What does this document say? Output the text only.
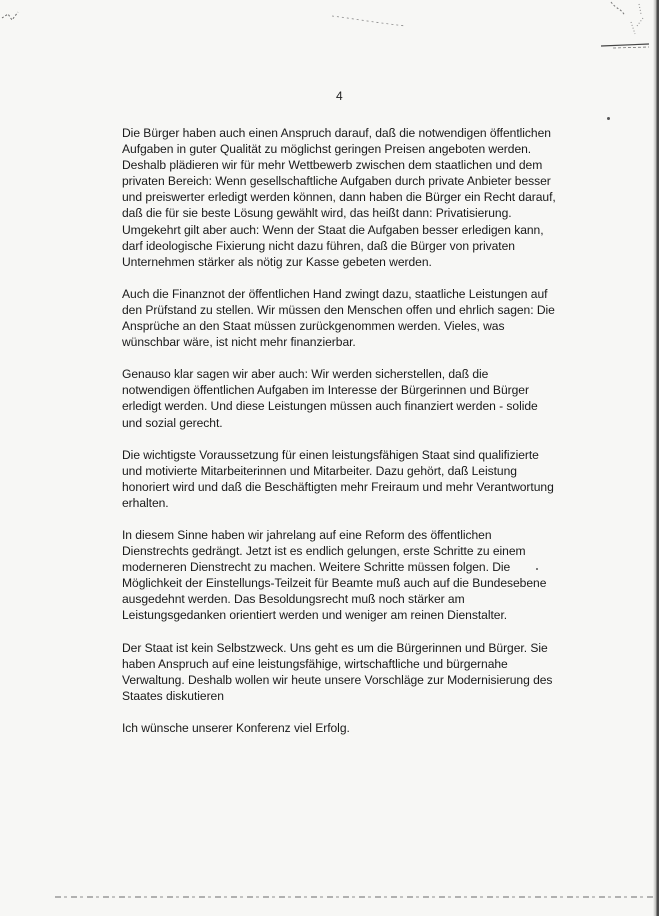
4

Die Bürger haben auch einen Anspruch darauf, daß die notwendigen öffentlichen
Aufgaben in guter Qualität zu möglichst geringen Preisen angeboten werden.
Deshalb plädieren wir für mehr Wettbewerb zwischen dem staatlichen und dem
privaten Bereich: Wenn gesellschaftliche Aufgaben durch private Anbieter besser
und preiswerter erledigt werden können, dann haben die Bürger ein Recht darauf,
daß die für sie beste Lösung gewählt wird, das heißt dann: Privatisierung.
Umgekehrt gilt aber auch: Wenn der Staat die Aufgaben besser erledigen kann,
darf ideologische Fixierung nicht dazu führen, daß die Bürger von privaten
Unternehmen stärker als nötig zur Kasse gebeten werden.

Auch die Finanznot der öffentlichen Hand zwingt dazu, staatliche Leistungen auf
den Prüfstand zu stellen. Wir müssen den Menschen offen und ehrlich sagen: Die
Ansprüche an den Staat müssen zurückgenommen werden. Vieles, was
wünschbar wäre, ist nicht mehr finanzierbar.

Genauso klar sagen wir aber auch: Wir werden sicherstellen, daß die
notwendigen öffentlichen Aufgaben im Interesse der Bürgerinnen und Bürger
erledigt werden. Und diese Leistungen müssen auch finanziert werden - solide
und sozial gerecht.

Die wichtigste Voraussetzung für einen leistungsfähigen Staat sind qualifizierte
und motivierte Mitarbeiterinnen und Mitarbeiter. Dazu gehört, daß Leistung
honoriert wird und daß die Beschäftigten mehr Freiraum und mehr Verantwortung
erhalten.

In diesem Sinne haben wir jahrelang auf eine Reform des öffentlichen
Dienstrechts gedrängt. Jetzt ist es endlich gelungen, erste Schritte zu einem
moderneren Dienstrecht zu machen. Weitere Schritte müssen folgen. Die
Möglichkeit der Einstellungs-Teilzeit für Beamte muß auch auf die Bundesebene
ausgedehnt werden. Das Besoldungsrecht muß noch stärker am
Leistungsgedanken orientiert werden und weniger am reinen Dienstalter.

Der Staat ist kein Selbstzweck. Uns geht es um die Bürgerinnen und Bürger. Sie
haben Anspruch auf eine leistungsfähige, wirtschaftliche und bürgernahe
Verwaltung. Deshalb wollen wir heute unsere Vorschläge zur Modernisierung des
Staates diskutieren

Ich wünsche unserer Konferenz viel Erfolg.
